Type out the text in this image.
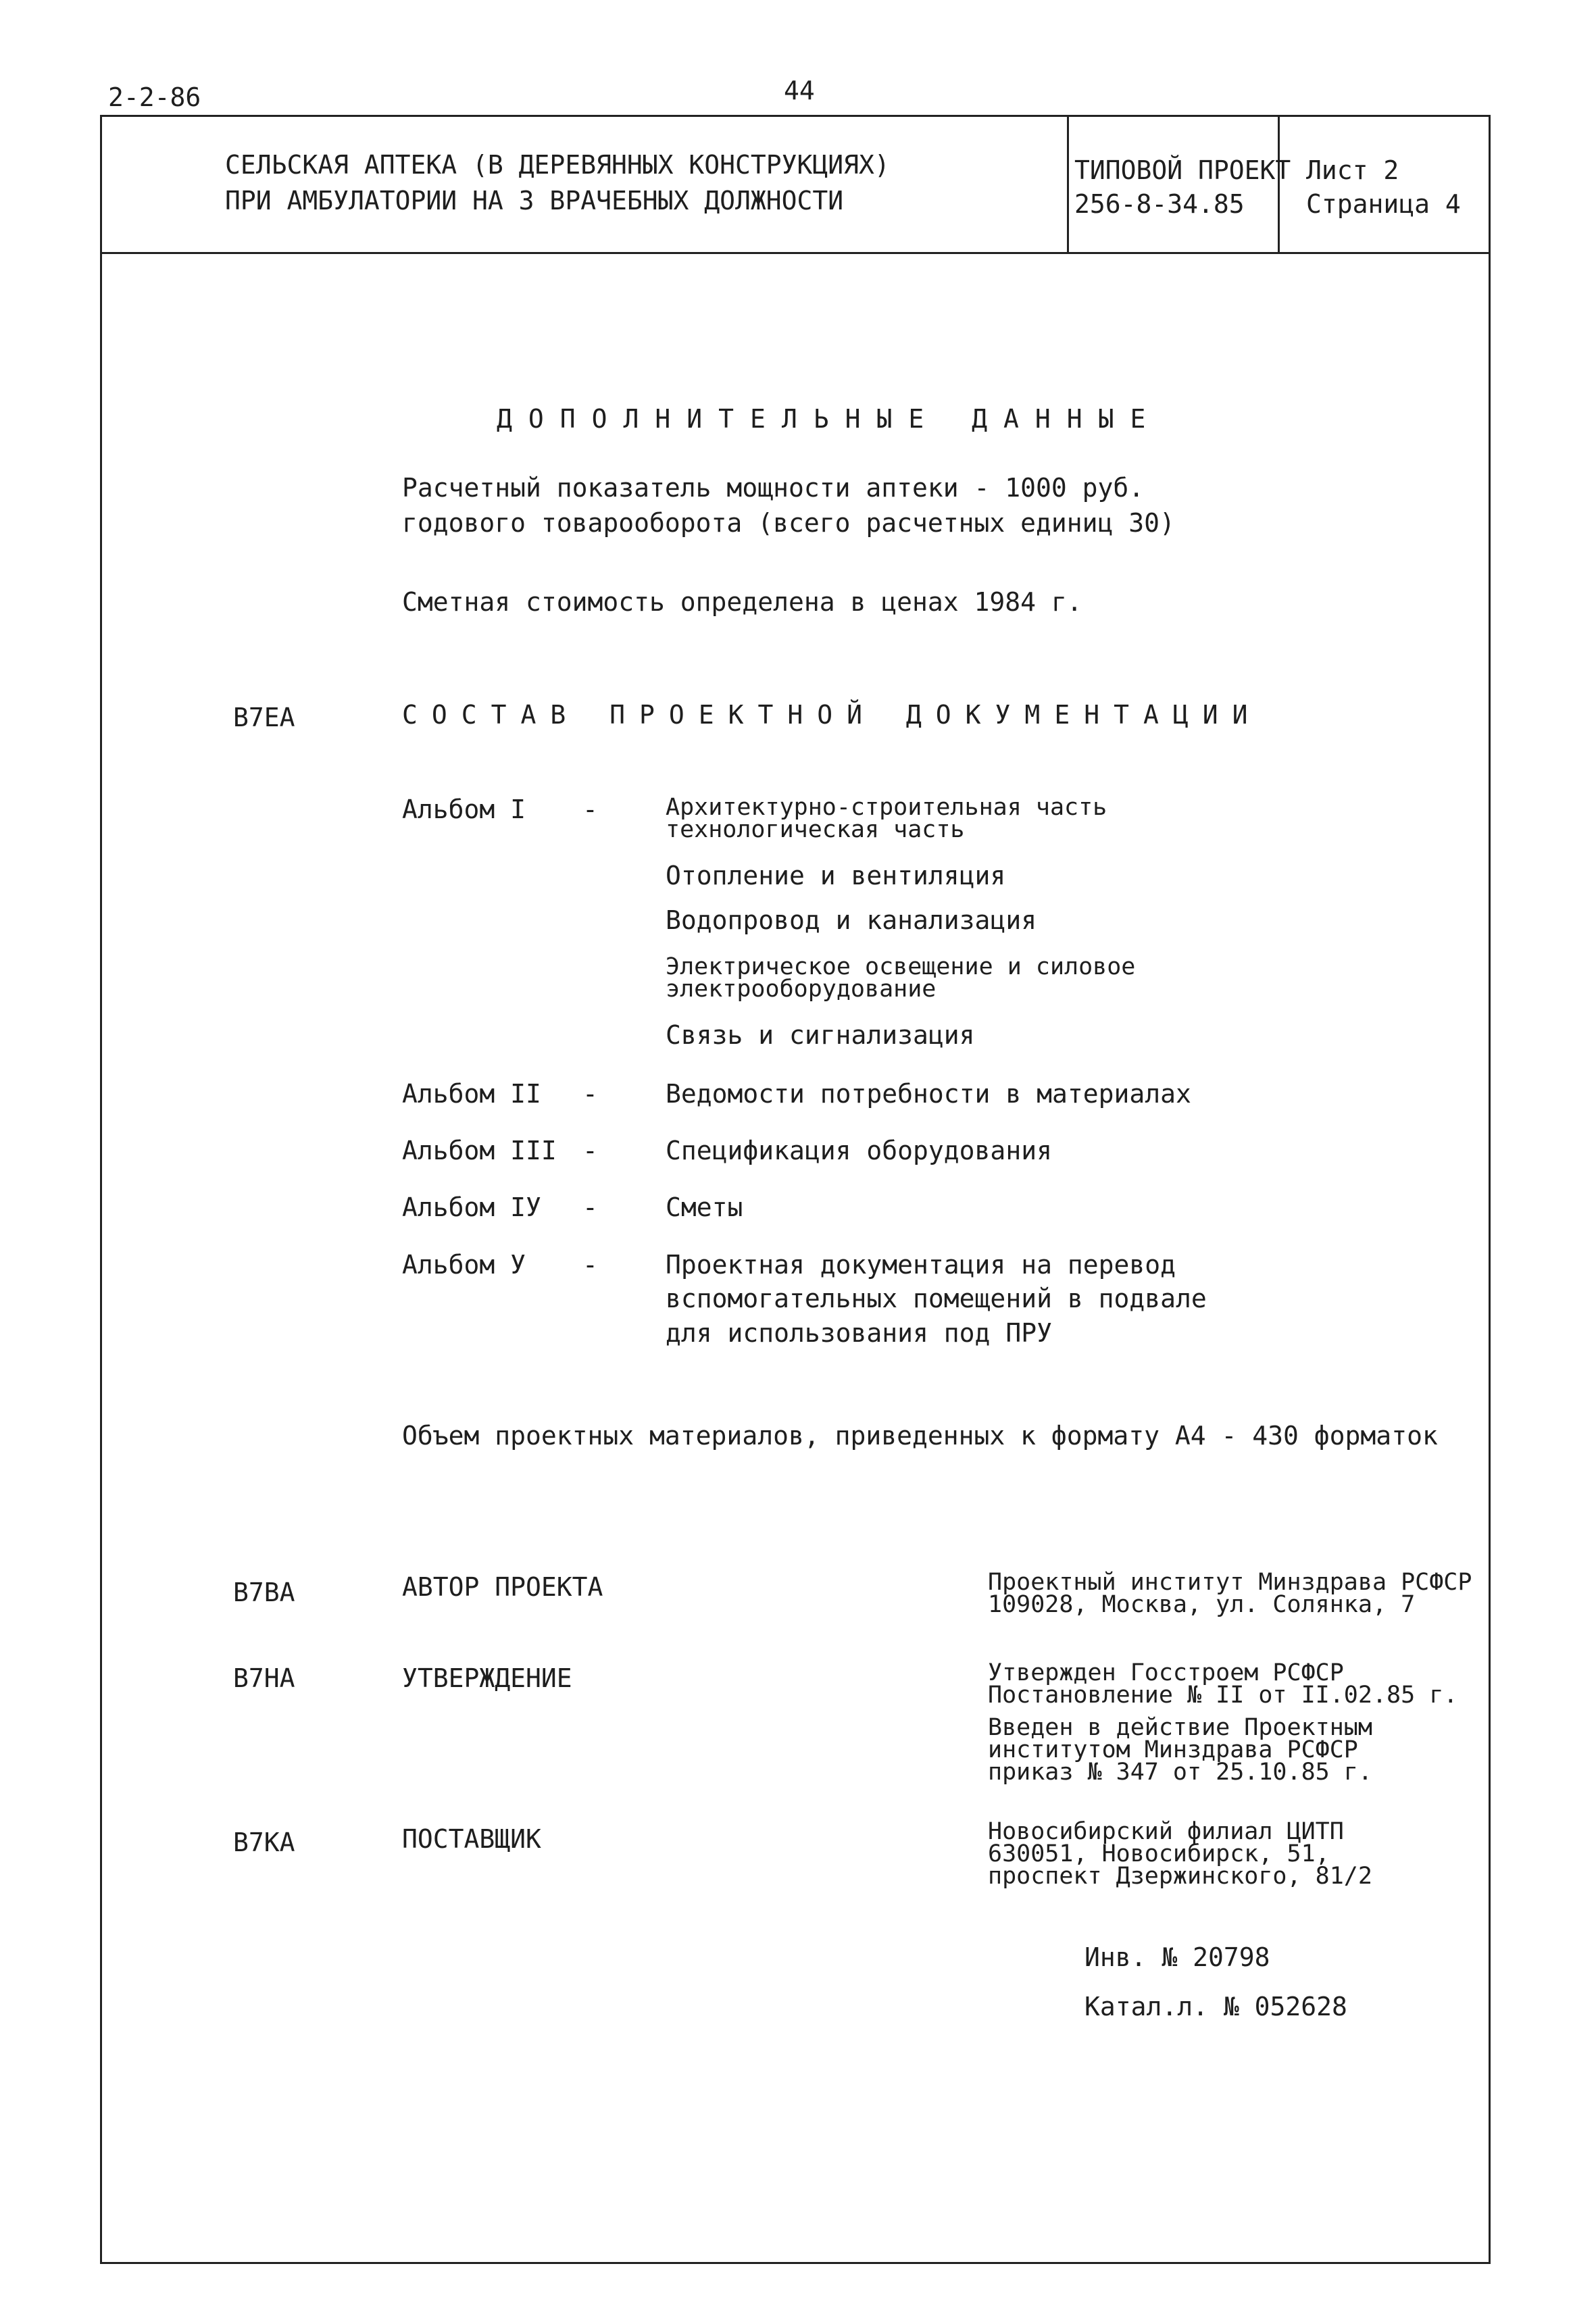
2-2-86	44
СЕЛЬСКАЯ АПТЕКА (В ДЕРЕВЯННЫХ КОНСТРУКЦИЯХ)
ПРИ АМБУЛАТОРИИ НА 3 ВРАЧЕБНЫХ ДОЛЖНОСТИ
ТИПОВОЙ ПРОЕКТ
256-8-34.85
Лист 2
Страница 4
ДОПОЛНИТЕЛЬНЫЕ ДАННЫЕ
Расчетный показатель мощности аптеки - 1000 руб.
годового товарооборота (всего расчетных единиц 30)
Сметная стоимость определена в ценах 1984 г.
В7ЕА	СОСТАВ ПРОЕКТНОЙ ДОКУМЕНТАЦИИ
Альбом I -	Архитектурно-строительная часть
технологическая часть
Отопление и вентиляция
Водопровод и канализация
Электрическое освещение и силовое
электрооборудование
Связь и сигнализация
Альбом II -	Ведомости потребности в материалах
Альбом III -	Спецификация оборудования
Альбом IУ -	Сметы
Альбом У -	Проектная документация на перевод
вспомогательных помещений в подвале
для использования под ПРУ
Объем проектных материалов, приведенных к формату А4 - 430 форматок
В7ВА	АВТОР ПРОЕКТА	Проектный институт Минздрава РСФСР
109028, Москва, ул. Солянка, 7
В7НА	УТВЕРЖДЕНИЕ	Утвержден Госстроем РСФСР
Постановление № II от II.02.85 г.
Введен в действие Проектным
институтом Минздрава РСФСР
приказ № 347 от 25.10.85 г.
В7КА	ПОСТАВЩИК	Новосибирский филиал ЦИТП
630051, Новосибирск, 51,
проспект Дзержинского, 81/2
Инв. № 20798
Катал.л. № 052628
